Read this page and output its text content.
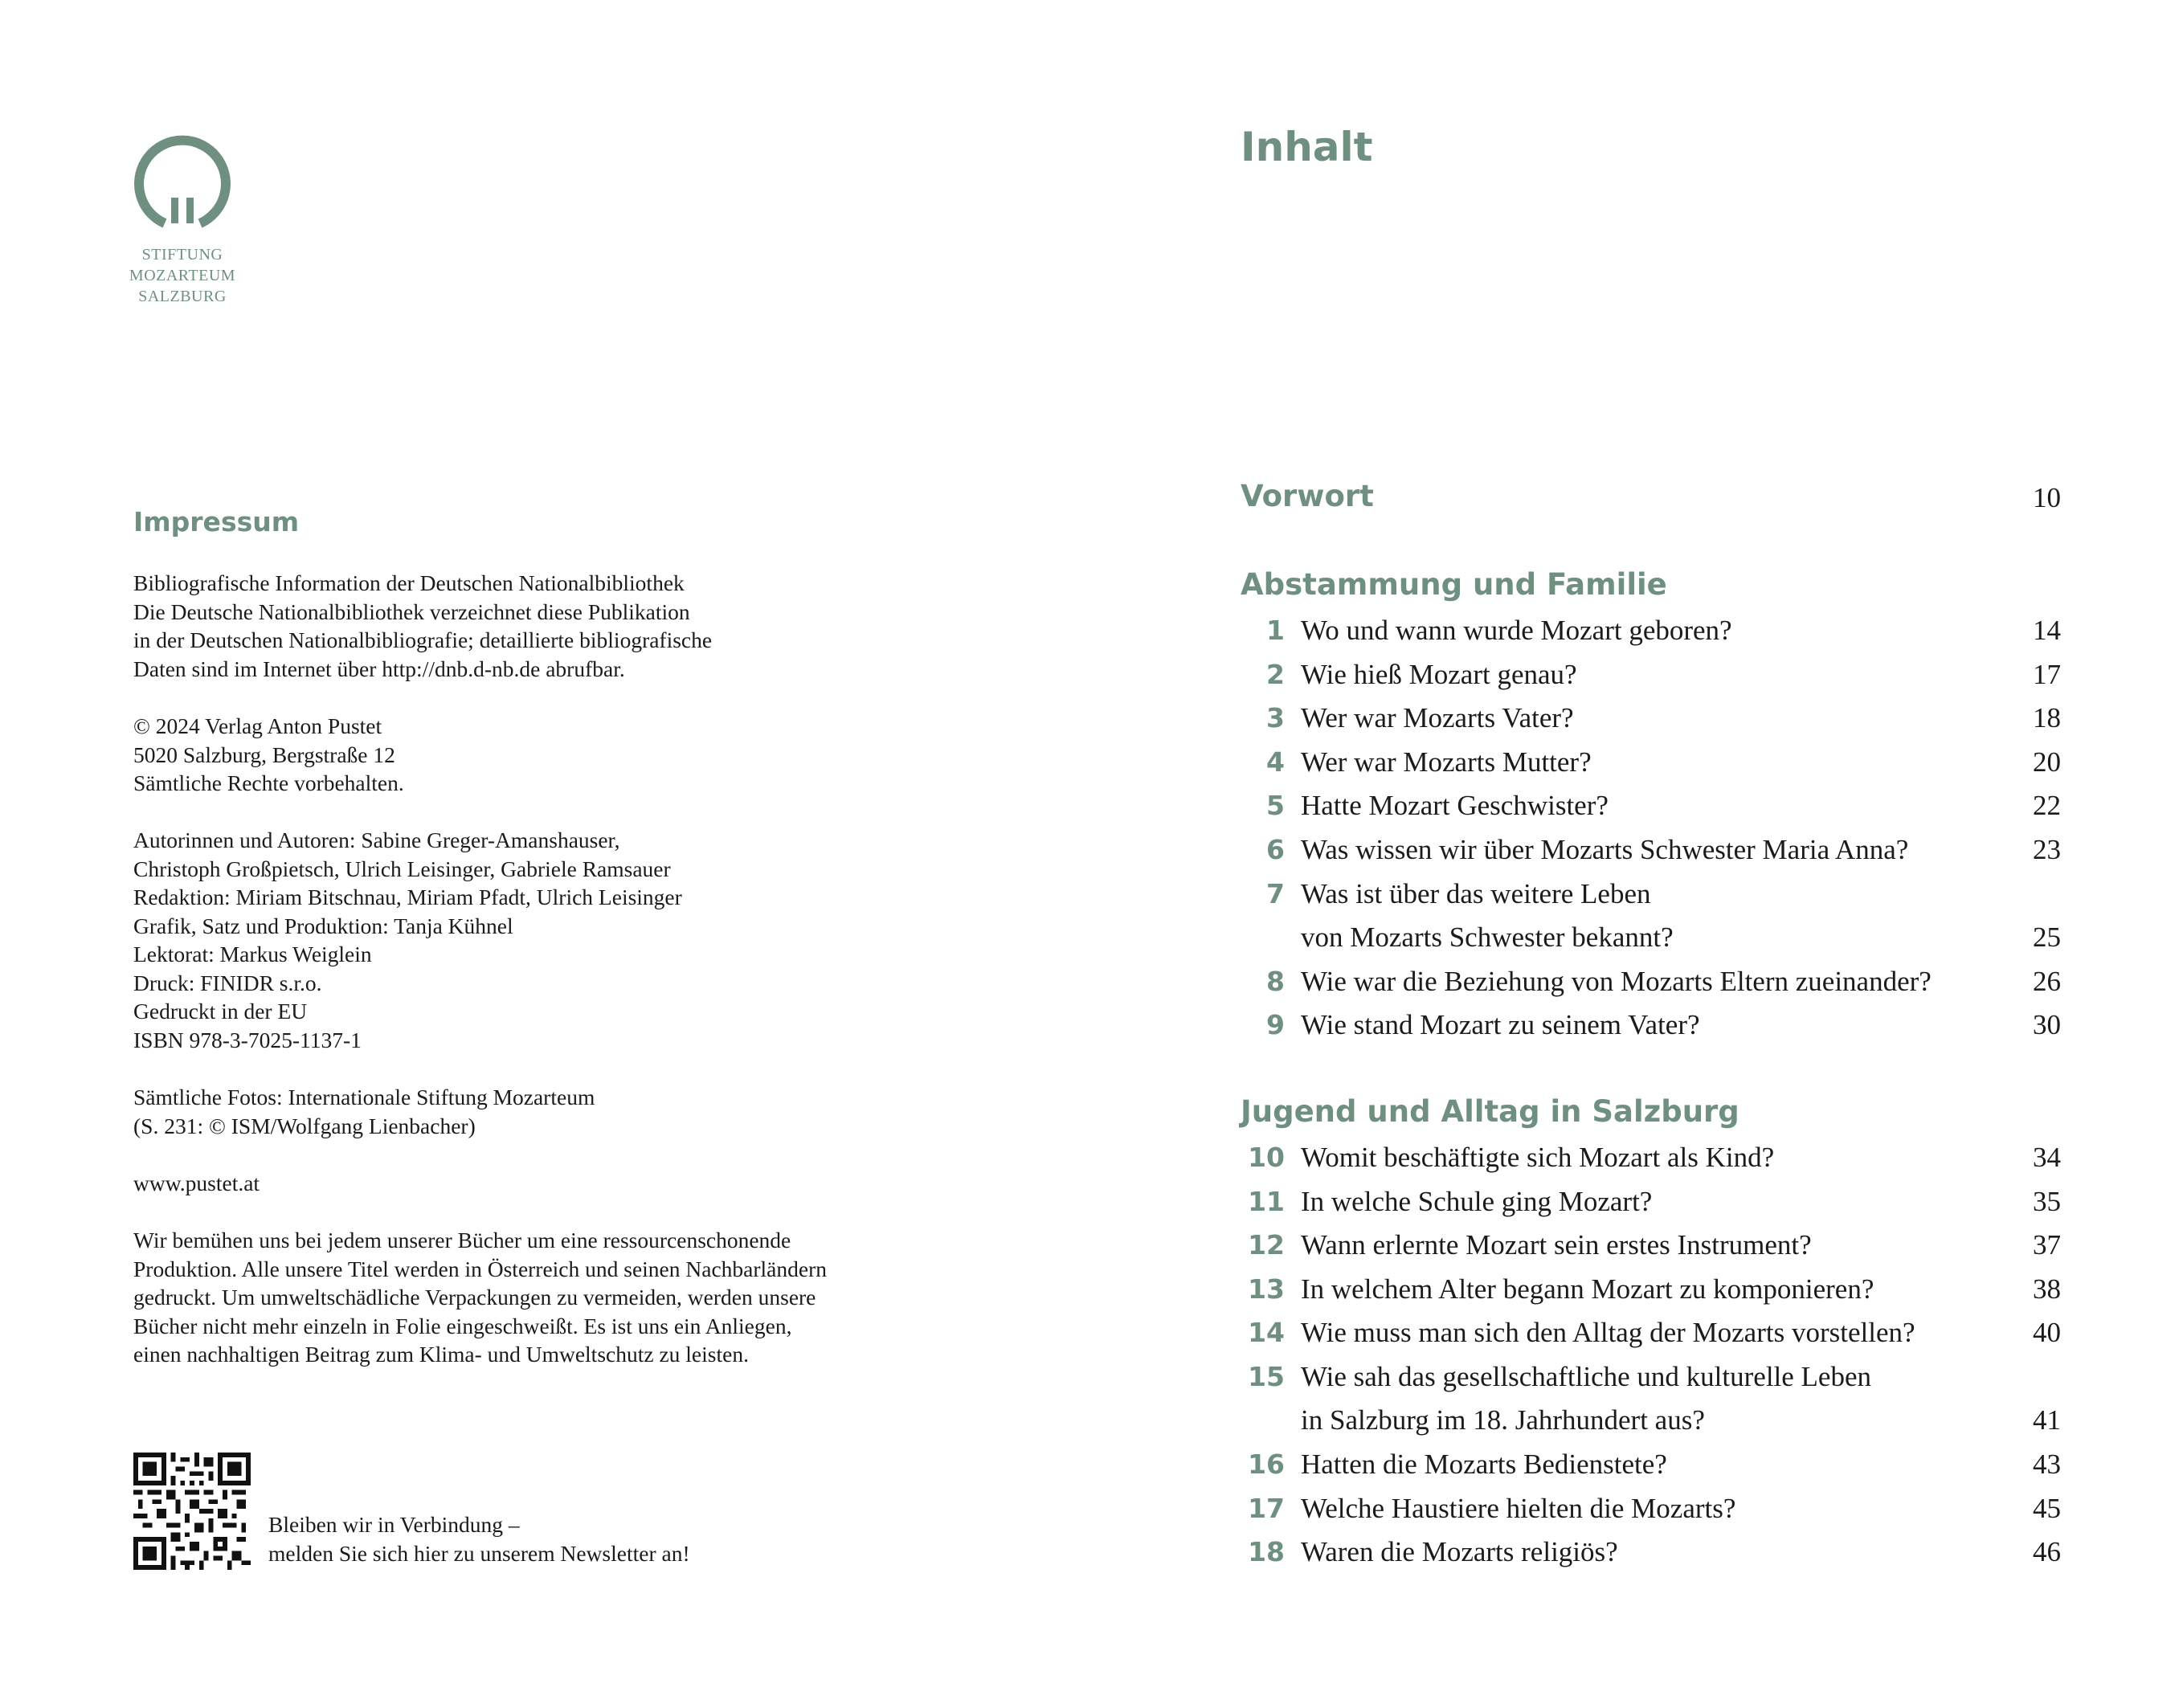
STIFTUNG
MOZARTEUM
SALZBURG
Impressum
Bibliografische Information der Deutschen Nationalbibliothek
Die Deutsche Nationalbibliothek verzeichnet diese Publikation
in der Deutschen Nationalbibliografie; detaillierte bibliografische
Daten sind im Internet über http://dnb.d-nb.de abrufbar.
© 2024 Verlag Anton Pustet
5020 Salzburg, Bergstraße 12
Sämtliche Rechte vorbehalten.
Autorinnen und Autoren: Sabine Greger-Amanshauser,
Christoph Großpietsch, Ulrich Leisinger, Gabriele Ramsauer
Redaktion: Miriam Bitschnau, Miriam Pfadt, Ulrich Leisinger
Grafik, Satz und Produktion: Tanja Kühnel
Lektorat: Markus Weiglein
Druck: FINIDR s.r.o.
Gedruckt in der EU
ISBN 978-3-7025-1137-1
Sämtliche Fotos: Internationale Stiftung Mozarteum
(S. 231: © ISM/Wolfgang Lienbacher)
www.pustet.at
Wir bemühen uns bei jedem unserer Bücher um eine ressourcenschonende
Produktion. Alle unsere Titel werden in Österreich und seinen Nachbarländern
gedruckt. Um umweltschädliche Verpackungen zu vermeiden, werden unsere
Bücher nicht mehr einzeln in Folie eingeschweißt. Es ist uns ein Anliegen,
einen nachhaltigen Beitrag zum Klima- und Umweltschutz zu leisten.
Bleiben wir in Verbindung –
melden Sie sich hier zu unserem Newsletter an!
Inhalt
Vorwort	10
Abstammung und Familie
1 Wo und wann wurde Mozart geboren?	14
2 Wie hieß Mozart genau?	17
3 Wer war Mozarts Vater?	18
4 Wer war Mozarts Mutter?	20
5 Hatte Mozart Geschwister?	22
6 Was wissen wir über Mozarts Schwester Maria Anna?	23
7 Was ist über das weitere Leben
von Mozarts Schwester bekannt?	25
8 Wie war die Beziehung von Mozarts Eltern zueinander?	26
9 Wie stand Mozart zu seinem Vater?	30
Jugend und Alltag in Salzburg
10 Womit beschäftigte sich Mozart als Kind?	34
11 In welche Schule ging Mozart?	35
12 Wann erlernte Mozart sein erstes Instrument?	37
13 In welchem Alter begann Mozart zu komponieren?	38
14 Wie muss man sich den Alltag der Mozarts vorstellen?	40
15 Wie sah das gesellschaftliche und kulturelle Leben
in Salzburg im 18. Jahrhundert aus?	41
16 Hatten die Mozarts Bedienstete?	43
17 Welche Haustiere hielten die Mozarts?	45
18 Waren die Mozarts religiös?	46
